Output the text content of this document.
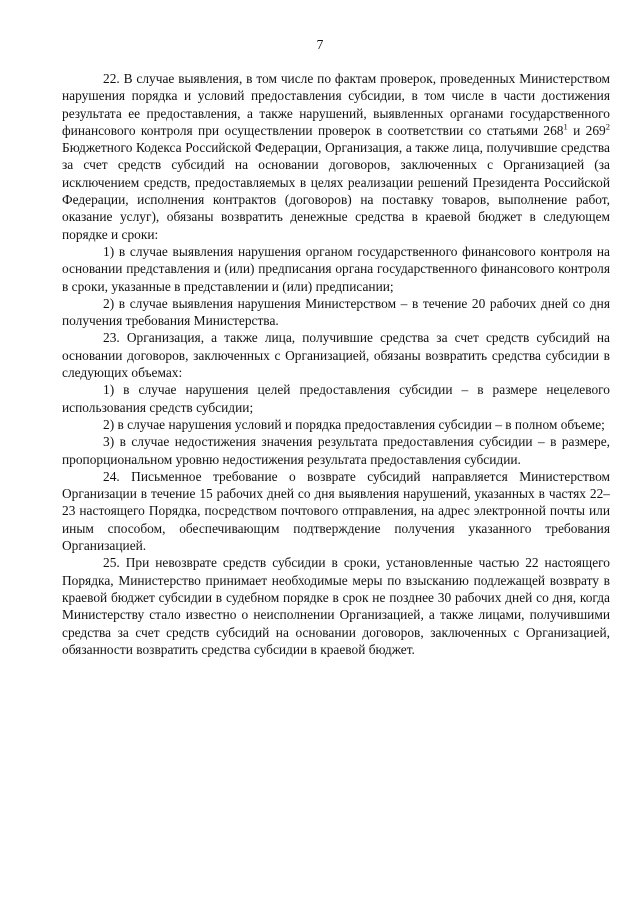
7

22. В случае выявления, в том числе по фактам проверок, проведенных Министерством нарушения порядка и условий предоставления субсидии, в том числе в части достижения результата ее предоставления, а также нарушений, выявленных органами государственного финансового контроля при осуществлении проверок в соответствии со статьями $268^1$ и $269^2$ Бюджетного Кодекса Российской Федерации, Организация, а также лица, получившие средства за счет средств субсидий на основании договоров, заключенных с Организацией (за исключением средств, предоставляемых в целях реализации решений Президента Российской Федерации, исполнения контрактов (договоров) на поставку товаров, выполнение работ, оказание услуг), обязаны возвратить денежные средства в краевой бюджет в следующем порядке и сроки:

1) в случае выявления нарушения органом государственного финансового контроля на основании представления и (или) предписания органа государственного финансового контроля в сроки, указанные в представлении и (или) предписании;

2) в случае выявления нарушения Министерством – в течение 20 рабочих дней со дня получения требования Министерства.

23. Организация, а также лица, получившие средства за счет средств субсидий на основании договоров, заключенных с Организацией, обязаны возвратить средства субсидии в следующих объемах:

1) в случае нарушения целей предоставления субсидии – в размере нецелевого использования средств субсидии;

2) в случае нарушения условий и порядка предоставления субсидии – в полном объеме;

3) в случае недостижения значения результата предоставления субсидии – в размере, пропорциональном уровню недостижения результата предоставления субсидии.

24. Письменное требование о возврате субсидий направляется Министерством Организации в течение 15 рабочих дней со дня выявления нарушений, указанных в частях 22–23 настоящего Порядка, посредством почтового отправления, на адрес электронной почты или иным способом, обеспечивающим подтверждение получения указанного требования Организацией.

25. При невозврате средств субсидии в сроки, установленные частью 22 настоящего Порядка, Министерство принимает необходимые меры по взысканию подлежащей возврату в краевой бюджет субсидии в судебном порядке в срок не позднее 30 рабочих дней со дня, когда Министерству стало известно о неисполнении Организацией, а также лицами, получившими средства за счет средств субсидий на основании договоров, заключенных с Организацией, обязанности возвратить средства субсидии в краевой бюджет.
